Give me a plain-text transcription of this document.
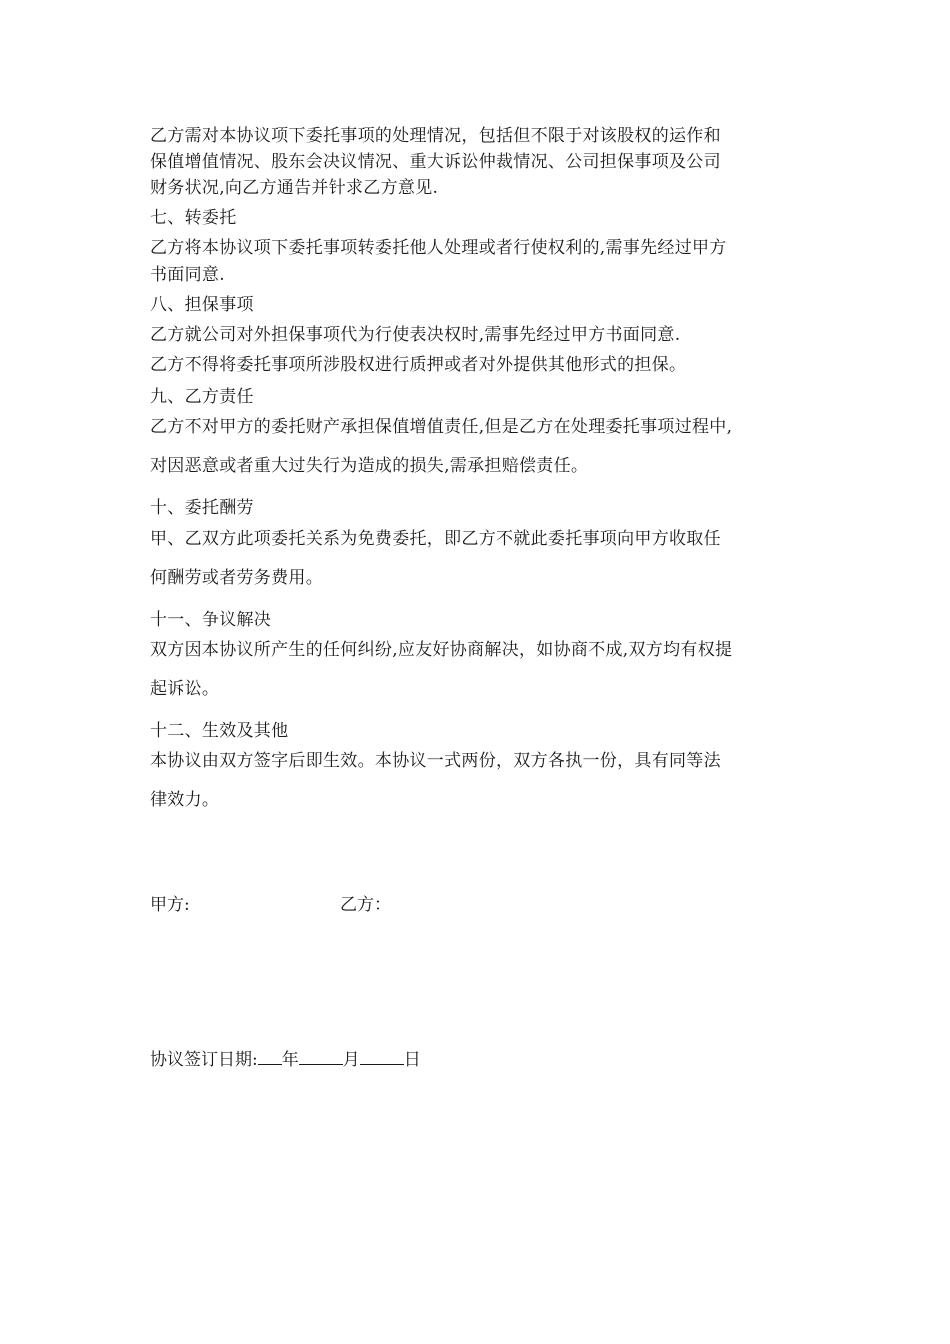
乙方需对本协议项下委托事项的处理情况，包括但不限于对该股权的运作和
保值增值情况、股东会决议情况、重大诉讼仲裁情况、公司担保事项及公司
财务状况,向乙方通告并针求乙方意见.
七、转委托
乙方将本协议项下委托事项转委托他人处理或者行使权利的,需事先经过甲方
书面同意.
八、担保事项
乙方就公司对外担保事项代为行使表决权时,需事先经过甲方书面同意.
乙方不得将委托事项所涉股权进行质押或者对外提供其他形式的担保。
九、乙方责任
乙方不对甲方的委托财产承担保值增值责任,但是乙方在处理委托事项过程中,
对因恶意或者重大过失行为造成的损失,需承担赔偿责任。
十、委托酬劳
甲、乙双方此项委托关系为免费委托，即乙方不就此委托事项向甲方收取任
何酬劳或者劳务费用。
十一、争议解决
双方因本协议所产生的任何纠纷,应友好协商解决，如协商不成,双方均有权提
起诉讼。
十二、生效及其他
本协议由双方签字后即生效。本协议一式两份，双方各执一份，具有同等法
律效力。
甲方:	乙方：
协议签订日期: 年	月	日
